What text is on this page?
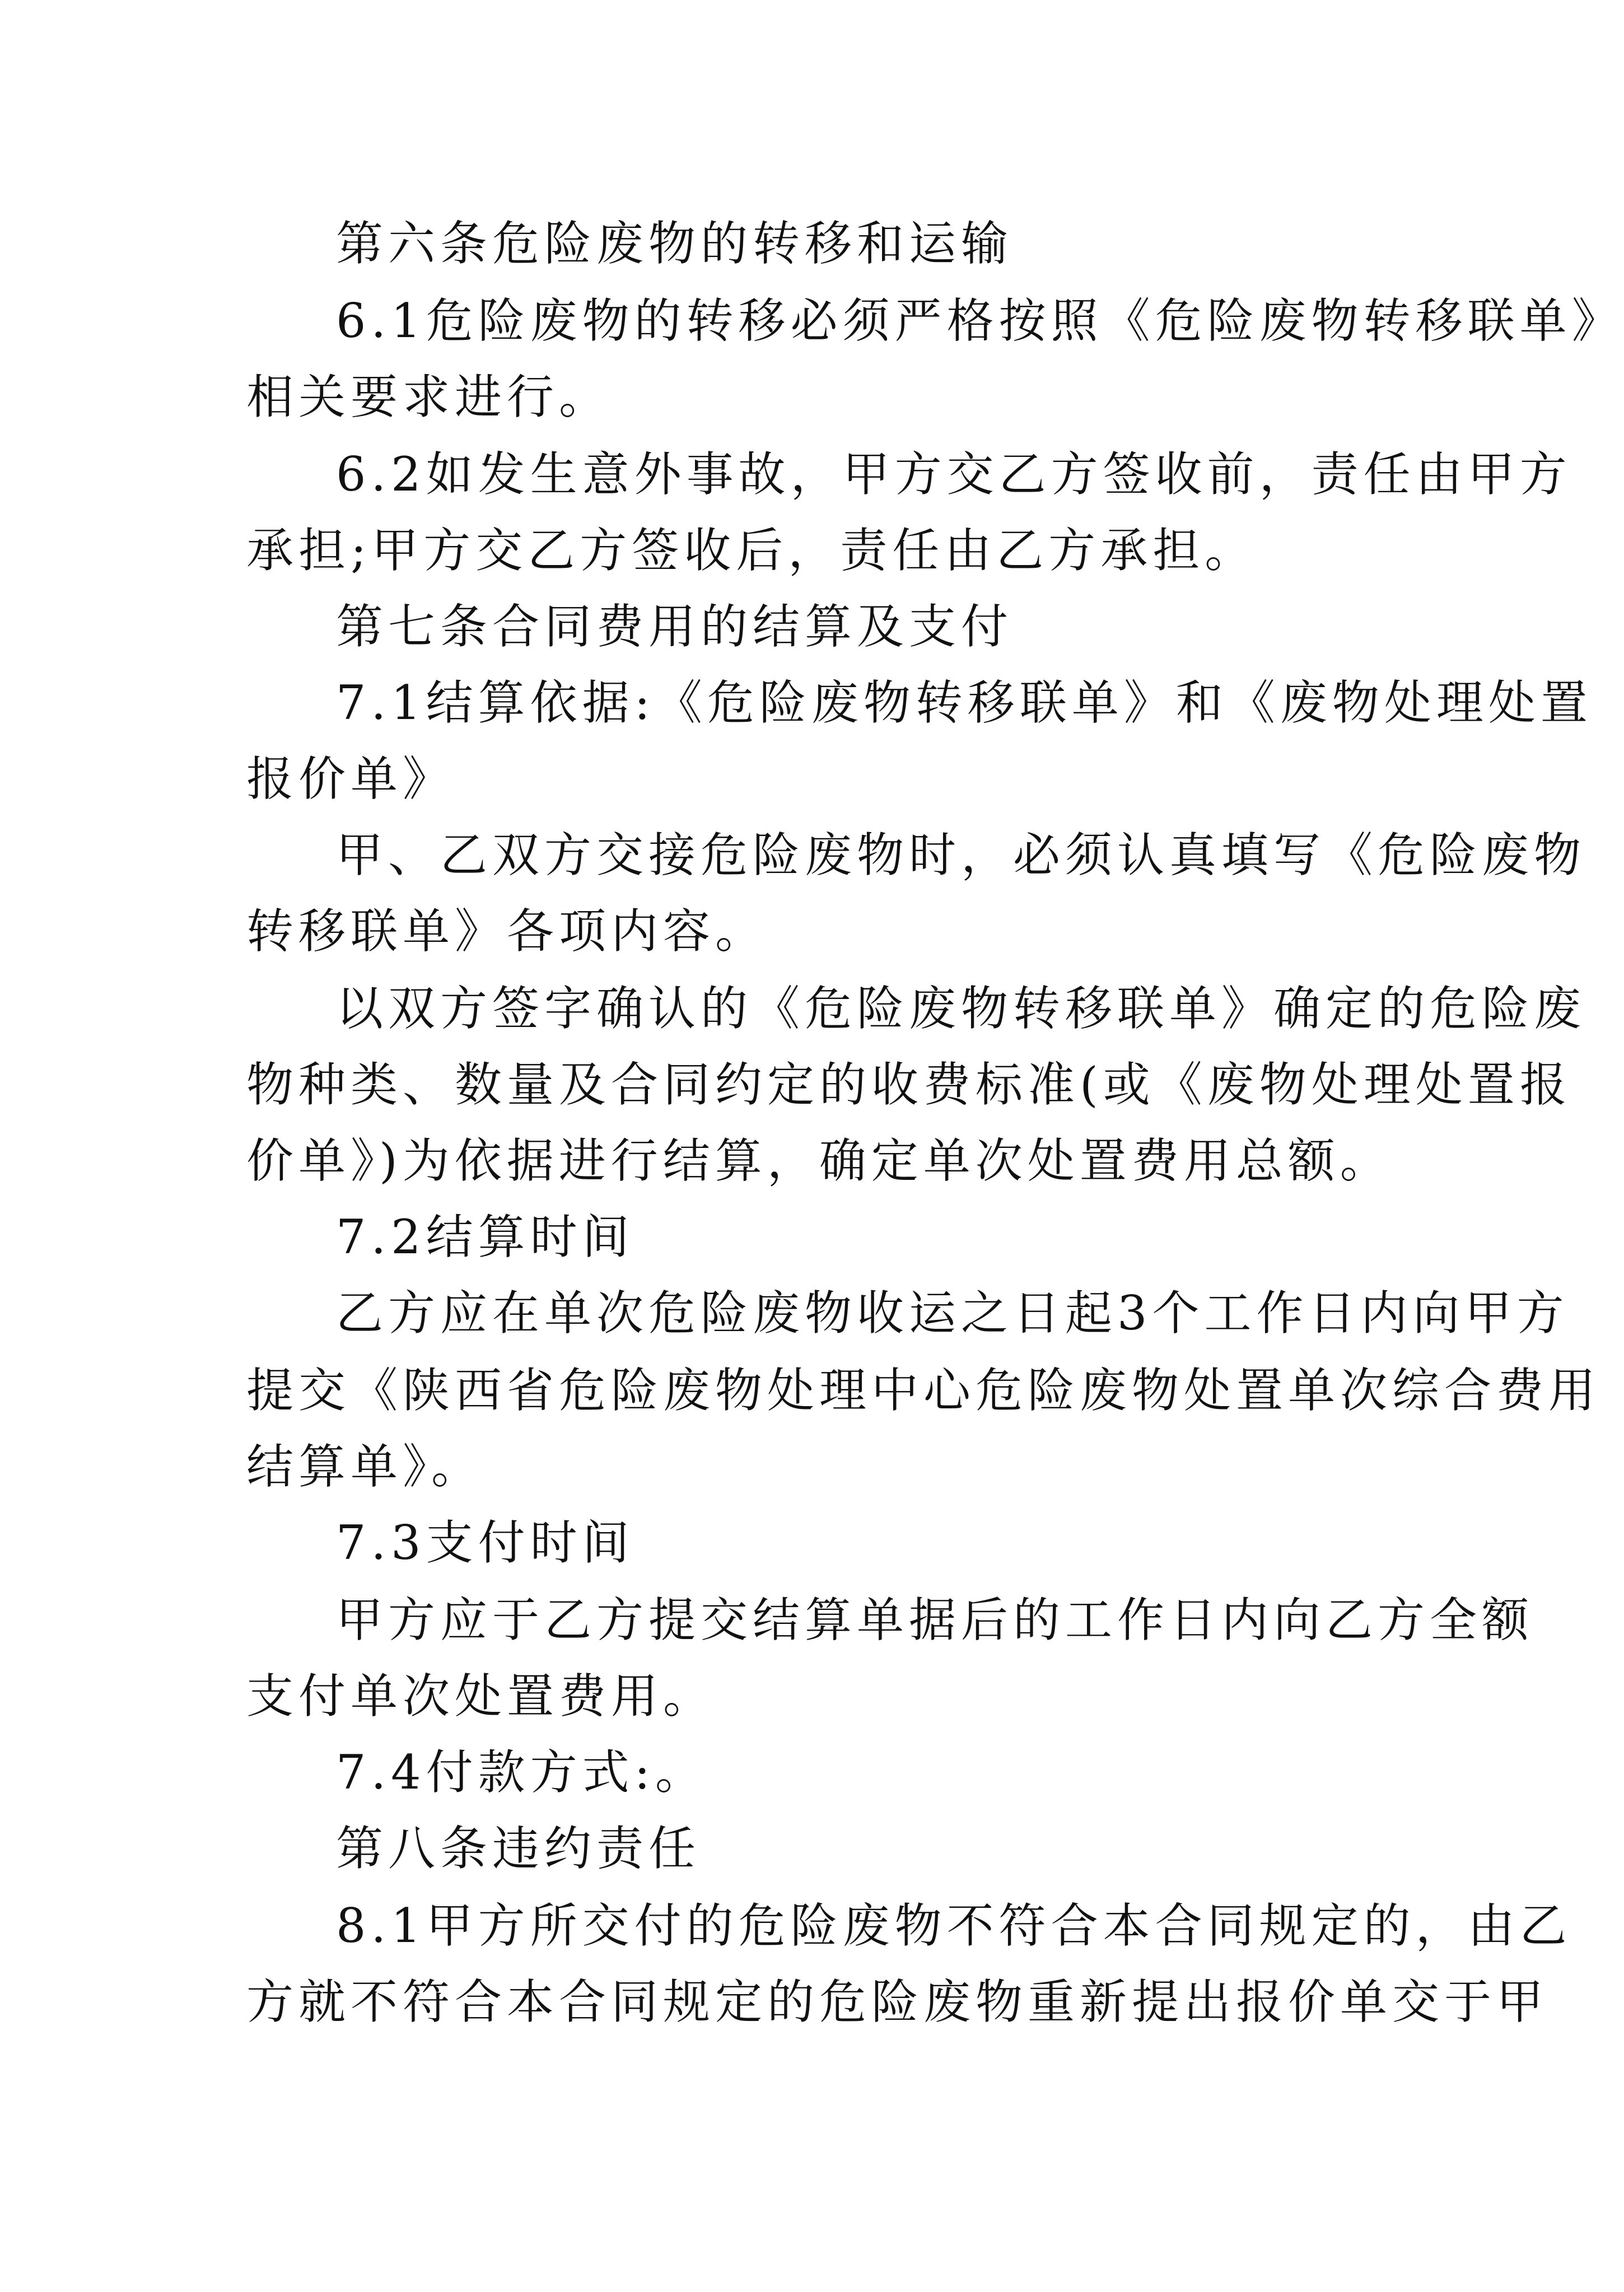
第六条危险废物的转移和运输
6.1危险废物的转移必须严格按照《危险废物转移联单》
相关要求进行。
6.2如发生意外事故，甲方交乙方签收前，责任由甲方
承担;甲方交乙方签收后，责任由乙方承担。
第七条合同费用的结算及支付
7.1结算依据:《危险废物转移联单》和《废物处理处置
报价单》
甲、乙双方交接危险废物时，必须认真填写《危险废物
转移联单》各项内容。
以双方签字确认的《危险废物转移联单》确定的危险废
物种类、数量及合同约定的收费标准(或《废物处理处置报
价单》)为依据进行结算，确定单次处置费用总额。
7.2结算时间
乙方应在单次危险废物收运之日起3个工作日内向甲方
提交《陕西省危险废物处理中心危险废物处置单次综合费用
结算单》。
7.3支付时间
甲方应于乙方提交结算单据后的工作日内向乙方全额
支付单次处置费用。
7.4付款方式:。
第八条违约责任
8.1甲方所交付的危险废物不符合本合同规定的，由乙
方就不符合本合同规定的危险废物重新提出报价单交于甲
